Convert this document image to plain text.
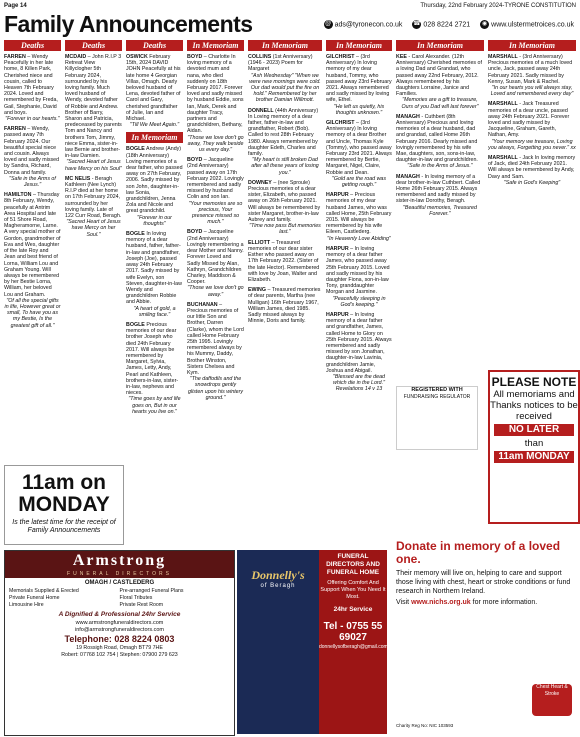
Page 14	Thursday, 22nd February 2024-TYRONE CONSTITUTION
Family Announcements	@ ads@tyronecon.co.uk ☎ 028 8224 2721	◉ www.ulstermetroices.co.uk
Deaths
FARREN – Wendy Peacefully in her late home, 8 Killen Park, Cherished niece and cousin, called to Heaven 7th February 2024. Loved and remembered by Freda, Gail, Stephanie, David and boys.

"Forever in our hearts."

FARREN – Wendy, passed away 7th February 2024. Our beautiful special niece and cousin. Always loved and sadly missed by Sandra, Richard, Donna and family.

"Safe in the Arms of Jesus."

HAMILTON – Thursday 8th February, Wendy, peacefully at Antrim Area Hospital and late of 51 Shore Road, Magheramorne, Larne. A very special mother of Gordon, grandmother of Eva and Wes, daughter of the late Roy and Jean and best friend of Lorna, William Lou and Graham Young. Will always be remembered by her Bestie Lorna, William, her beloved Lou and Graham.

"Of all the special gifts in life, However great or small, To have you as my Bestie, Is the greatest gift of all."

Deaths
MCDAID – John R.I.P 3 Retreat View Killyclogher 5th February 2024, surrounded by his loving family. Much loved husband of Wendy, devoted father of Robbie and Andrew. Brother of Barry, Sharon and Patricia, predeceased by parents Tom and Nancy and brothers Tom, Jimmy, niece Emma, sister-in-law Bernie and brother-in-law Damien.

"Sacred Heart of Jesus have Mercy on his Soul"

MC NELIS - Beragh Kathleen (Nee Lynch) R.I.P died at her home on 17th February 2024, surrounded by her loving family. Late of 122 Curr Road, Beragh.

"Sacred Heart of Jesus have Mercy on her Soul."

Deaths
OSWICK February 15th, 2024 DAVID JOHN Peacefully at his late home 4 Georgian Villas, Omagh. Dearly beloved husband of Lena, devoted father of Carol and Gary, cherished grandfather of Julie, Ian and Michael.

"Till We Meet Again."

In Memoriam
BOGLE Andrew (Andy) (18th Anniversary) Loving memories of a dear father, who passed away on 27th February, 2006. Sadly missed by son John, daughter-in-law Sonia, grandchildren, Jenna Zola and Nicole and great grandchild.

"Forever in our thoughts"

BOGLE In loving memory of a dear husband, father, father-in-law and grandfather, Joseph (Joe), passed away 24th February 2017. Sadly missed by wife Evelyn, son Steven, daughter-in-law Wendy and grandchildren Robbie and Abbie.

"A heart of gold, a smiling face."

BOGLE Precious memories of our dear brother Joseph who died 24th February 2017. Will always be remembered by Margaret, Sylvia, James, Letty, Andy, Pearl and Kathleen, brothers-in-law, sister-in-law, nephews and nieces.

"Time goes by and life goes on, But in our hearts you live on."

In Memoriam
BOYD – Charlotte In loving memory of a devoted mum and nana, who died suddenly on 18th February 2017. Forever loved and sadly missed by husband Eddie, sons Ian, Mark, Derek and daughter Tracy, partners and grandchildren, Bethany, Aidan.

"Those we love don't go away, They walk beside us every day."

BOYD – Jacqueline (2nd Anniversary) passed away on 17th February 2022. Lovingly remembered and sadly missed by husband Colin and son Ian.

"Your memories are so precious, Your presence missed so much."

BOYD – Jacqueline (2nd Anniversary) Lovingly remembering a dear Mother and Nanny. Forever Loved and Sadly Missed by Alan, Kathryn, Grandchildren Charley, Maddison & Cooper.

"Those we love don't go away."

BUCHANAN – Precious memories of our little Son and Brother, Darren (Clarke), whom the Lord called Home February 25th 1995. Lovingly remembered always by his Mummy, Daddy, Brother Winston, Sisters Chelsea and Kym.

"The daffodils and the snowdrops gently glisten upon his wintery ground."

In Memoriam
COLLINS (1st Anniversary) (1946 - 2023) Poem for Margaret

"Ash Wednesday" "When we were new mornings were cold. Our dad would put the fire on hold." Remembered by her brother Damian Willmott.

DONNELL (44th Anniversary) In Loving memory of a dear father, father-in-law and grandfather, Robert (Bob). Called to rest 28th February 1980. Always remembered by daughter Edeth, Charles and family.

"My heart is still broken Dad after all these years of losing you."

DOWNEY – (nee Sproule) Precious memories of a dear sister, Elizabeth, who passed away on 26th February 2021. Will always be remembered by sister Margaret, brother-in-law Aubrey and family.

"Time now pass But memories last."

ELLIOTT – Treasured memories of our dear sister Esther who passed away on 17th February 2022. (Sister of the late Hector). Remembered with love by Joan, Walter and Elizabeth.
EWING – Treasured memories of dear parents, Martha (nee Mulligan) 16th February 1967, William James, died 1985. Sadly missed always by Minnie, Doris and family.
In Memoriam
GILCHRIST – (3rd Anniversary) In loving memory of my dear husband, Tommy, who passed away 23rd February 2021. Always remembered and sadly missed by loving wife, Ethel.

"He left us quietly, his thoughts unknown."

GILCHRIST – (3rd Anniversary) In loving memory of a dear Brother and Uncle, Thomas Kyle (Tommy), who passed away February 23rd 2021. Always remembered by Bertie, Margaret, Nigel, Claire, Robbie and Dean.

"Gold are the road was getting rough."

HARPUR – Precious memories of my dear husband James, who was called Home, 25th February 2015. Will always be remembered by his wife Eileen, Castlederg.

"In Heavenly Love Abiding"

HARPUR – In loving memory of a dear father James, who passed away 25th February 2015. Loved and sadly missed by his daughter Fiona, son-in-law Tony, granddaughter Morgan and Jasmine.

"Peacefully sleeping in God's keeping."

HARPUR – In loving memory of a dear father and grandfather, James, called Home to Glory on 25th February 2015. Always remembered and sadly missed by son Jonathan, daughter-in-law Lavinia, grandchildren Jamie, Joshua and Abigail.

"Blessed are the dead which die in the Lord." Revelations 14 v 13

In Memoriam
KEE - Carol Alexander. (12th Anniversary) Cherished memories of a loving Dad and Grandad, who passed away 22nd February, 2012. Always remembered by his daughters Lorraine, Janice and Families.

"Memories are a gift to treasure, Ours of you Dad will last forever"

MANAGH - Cuthbert (8th Anniversary) Precious and loving memories of a dear husband, dad and grandad, called Home 26th February 2016. Dearly missed and lovingly remembered by his wife Mae, daughters, son, sons-in-law, daughter-in-law and grandchildren.

"Safe in the Arms of Jesus."

MANAGH - In loving memory of a dear brother-in-law Cuthbert. Called Home 26th February 2015. Always remembered and sadly missed by sister-in-law Dorothy, Beragh.

"Beautiful memories, Treasured Forever."

In Memoriam
MARSHALL - (3rd Anniversary) Precious memories of a much loved uncle, Jack, passed away 24th February 2021. Sadly missed by Kenny, Susan, Mark & Rachel.

"In our hearts you will always stay, Loved and remembered every day"

MARSHALL - Jack Treasured memories of a dear uncle, passed away 24th February 2021. Forever loved and sadly missed by Jacqueline, Graham, Gareth, Nathan, Amy.

"Your memory we treasure, Loving you always, Forgetting you never." xx

MARSHALL - Jack In loving memory of Jack, died 24th February 2021. Will always be remembered by Andy, Davy and Sam.

"Safe in God's Keeping"

11am on
MONDAY
Is the latest time for the receipt of Family Announcements
Armstrong
FUNERAL DIRECTORS
OMAGH / CASTLEDERG
Memorials Supplied & Erected	Pre-arranged Funeral Plans
Private Funeral Home	Floral Tributes
Limousine Hire	Private Rest Room
A Dignified & Professional 24hr Service
www.armstrongfuneraldirectors.com
info@armstrongfuneraldirectors.com
Telephone: 028 8224 0803
19 Rossigh Road, Omagh BT79 7HE
Robert: 07768 102 754 | Stephen: 07900 279 623
Donnelly's
of Beragh
FUNERAL DIRECTORS AND FUNERAL HOME
Offering Comfort And Support When You Need It Most.
24hr Service
Tel - 0755 55 69027
donnellysofberagh@gmail.com
REGISTERED WITH
FUNDRAISING REGULATOR
PLEASE NOTE
All memoriams and Thanks notices to be received
NO LATER
than
11am MONDAY
Donate in memory of a loved one.
Their memory will live on, helping to care and support those living with chest, heart or stroke conditions or fund research in Northern Ireland.
Visit www.nichs.org.uk for more information.
Chest Heart & Stroke
Charity Reg No: NIC 103593
